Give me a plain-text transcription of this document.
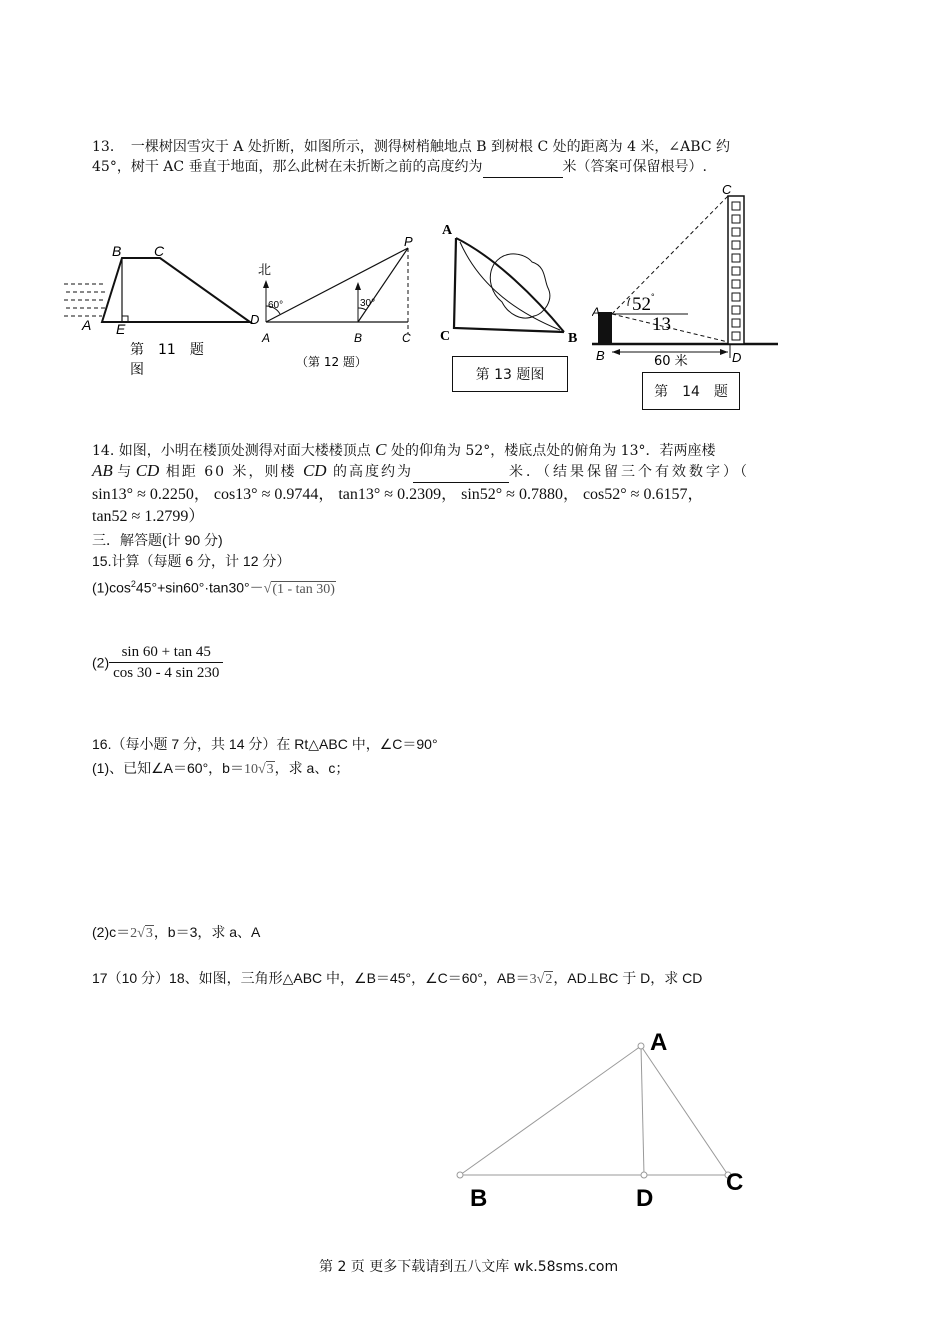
13．　一棵树因雪灾于 A 处折断，如图所示，测得树梢触地点 B 到树根 C 处的距离为 4 米，∠ABC 约
45°，树干 AC 垂直于地面，那么此树在未折断之前的高度约为	米（答案可保留根号）.
B C
A E
第　11　题
图
北
60°	30°
P
D
A	B	C
（第 12 题）
A
C	B
第 13 题图
C
A
B	D
52 °
13
60 米
第　14　题
14. 如图，小明在楼顶处测得对面大楼楼顶点 C 处的仰角为 52°，楼底点处的俯角为 13°．若两座楼
AB 与 CD 相距 60 米，则楼 CD 的高度约为	米．（结果保留三个有效数字）（
sin13° ≈ 0.2250， cos13° ≈ 0.9744， tan13° ≈ 0.2309， sin52° ≈ 0.7880， cos52° ≈ 0.6157，
tan52 ≈ 1.2799）
三．解答题(计 90 分)
15.计算（每题 6 分，计 12 分）
$(1)\cos^245^\circ+\sin 60^\circ\cdot\tan 30^\circ-√(1 - \tan 30)$
$(2) \frac{\sin 60 + \tan 45}{\cos 30 - 4 \sin 230}$
16.（每小题 7 分，共 14 分）在 Rt△ABC 中，∠C＝90°
(1)、已知∠A＝60°，b＝10√3，求 a、c；
(2)c＝2√3，b＝3，求 a、A
17（10 分）18、如图，三角形△ABC 中，∠B＝45°，∠C＝60°，AB＝3√2，AD⊥BC 于 D，求 CD
A
B
C
D
第 2 页 更多下载请到五八文库 wk.58sms.com
